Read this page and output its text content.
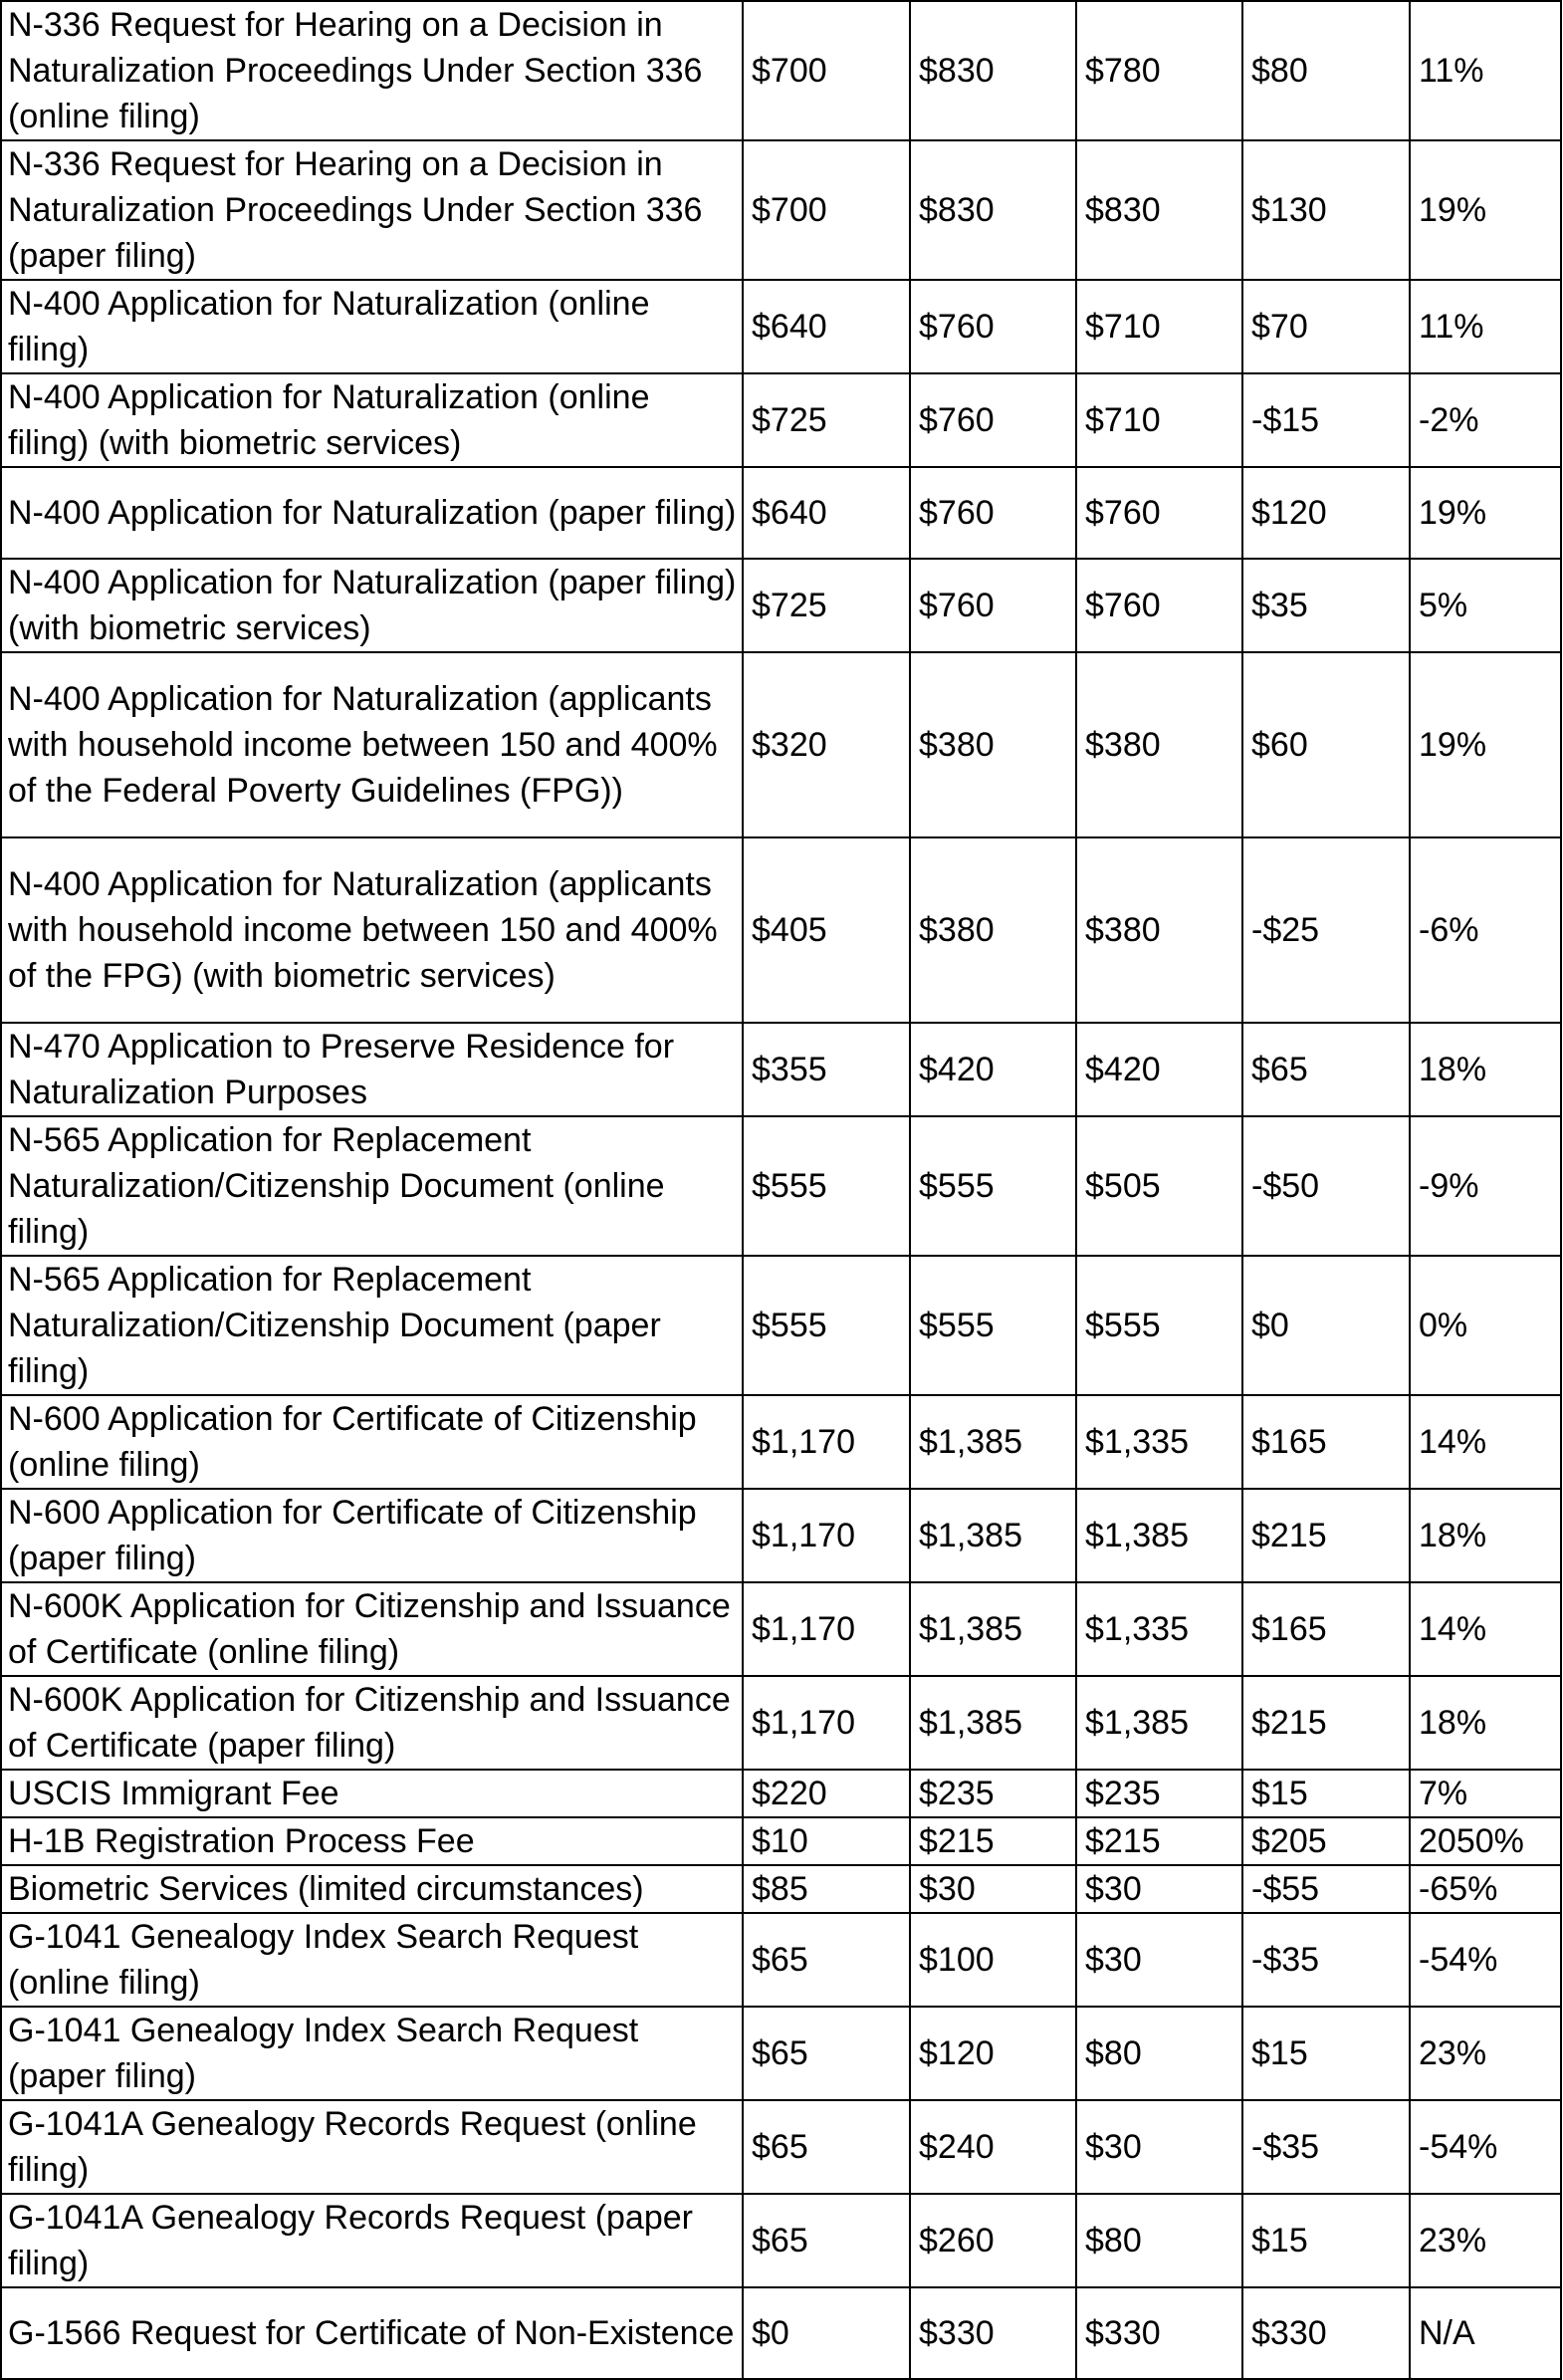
N-336 Request for Hearing on a Decision in Naturalization Proceedings Under Section 336 (online filing)	$700	$830	$780	$80	11%
N-336 Request for Hearing on a Decision in Naturalization Proceedings Under Section 336 (paper filing)	$700	$830	$830	$130	19%
N-400 Application for Naturalization (online filing)	$640	$760	$710	$70	11%
N-400 Application for Naturalization (online filing) (with biometric services)	$725	$760	$710	-$15	-2%
N-400 Application for Naturalization (paper filing)	$640	$760	$760	$120	19%
N-400 Application for Naturalization (paper filing) (with biometric services)	$725	$760	$760	$35	5%
N-400 Application for Naturalization (applicants with household income between 150 and 400% of the Federal Poverty Guidelines (FPG))	$320	$380	$380	$60	19%
N-400 Application for Naturalization (applicants with household income between 150 and 400% of the FPG) (with biometric services)	$405	$380	$380	-$25	-6%
N-470 Application to Preserve Residence for Naturalization Purposes	$355	$420	$420	$65	18%
N-565 Application for Replacement Naturalization/Citizenship Document (online filing)	$555	$555	$505	-$50	-9%
N-565 Application for Replacement Naturalization/Citizenship Document (paper filing)	$555	$555	$555	$0	0%
N-600 Application for Certificate of Citizenship (online filing)	$1,170	$1,385	$1,335	$165	14%
N-600 Application for Certificate of Citizenship (paper filing)	$1,170	$1,385	$1,385	$215	18%
N-600K Application for Citizenship and Issuance of Certificate (online filing)	$1,170	$1,385	$1,335	$165	14%
N-600K Application for Citizenship and Issuance of Certificate (paper filing)	$1,170	$1,385	$1,385	$215	18%
USCIS Immigrant Fee	$220	$235	$235	$15	7%
H-1B Registration Process Fee	$10	$215	$215	$205	2050%
Biometric Services (limited circumstances)	$85	$30	$30	-$55	-65%
G-1041 Genealogy Index Search Request (online filing)	$65	$100	$30	-$35	-54%
G-1041 Genealogy Index Search Request (paper filing)	$65	$120	$80	$15	23%
G-1041A Genealogy Records Request (online filing)	$65	$240	$30	-$35	-54%
G-1041A Genealogy Records Request (paper filing)	$65	$260	$80	$15	23%
G-1566 Request for Certificate of Non-Existence	$0	$330	$330	$330	N/A
